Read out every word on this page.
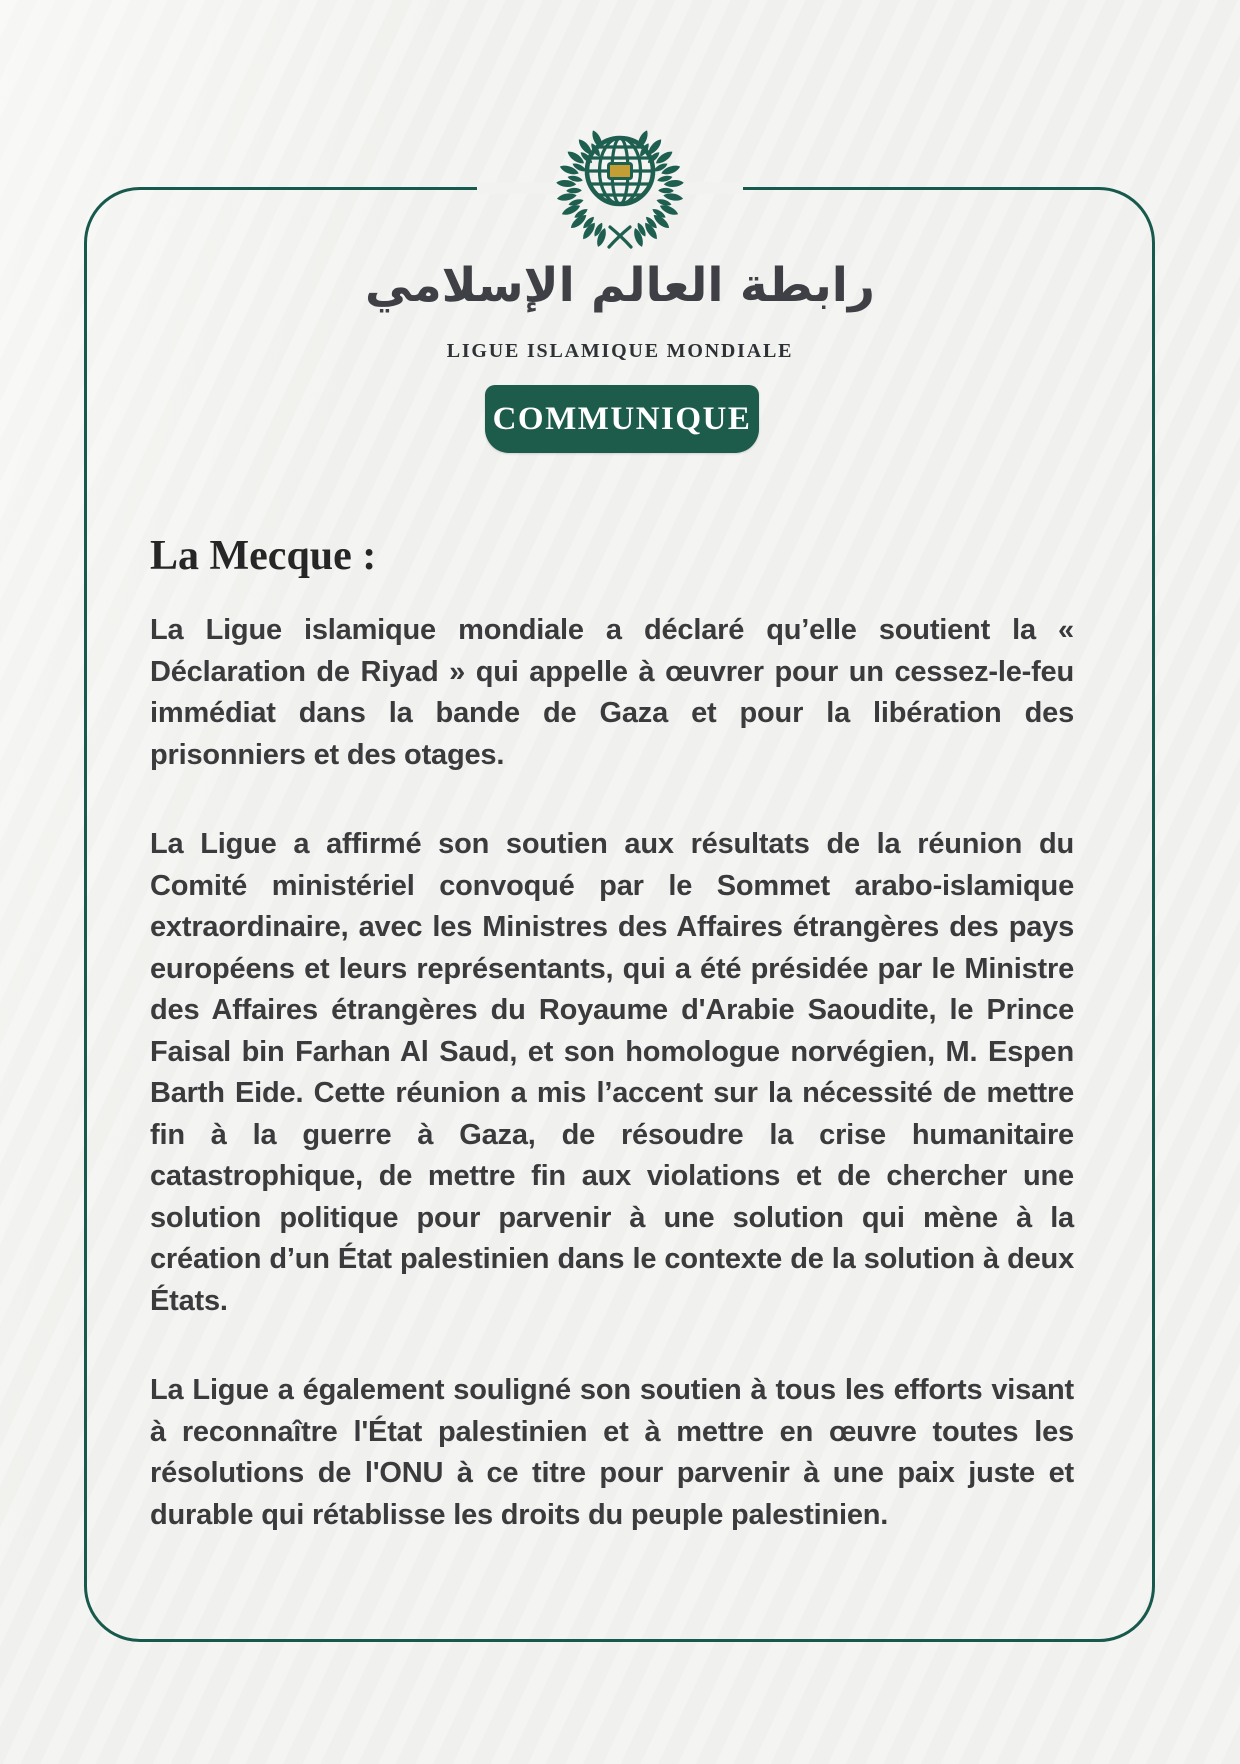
رابطة العالم الإسلامي
LIGUE ISLAMIQUE MONDIALE
COMMUNIQUE
La Mecque :

La Ligue islamique mondiale a déclaré qu’elle soutient la « Déclaration de Riyad » qui appelle à œuvrer pour un cessez-le-feu immédiat dans la bande de Gaza et pour la libération des prisonniers et des otages.

La Ligue a affirmé son soutien aux résultats de la réunion du Comité ministériel convoqué par le Sommet arabo-islamique extraordinaire, avec les Ministres des Affaires étrangères des pays européens et leurs représentants, qui a été présidée par le Ministre des Affaires étrangères du Royaume d'Arabie Saoudite, le Prince Faisal bin Farhan Al Saud, et son homologue norvégien, M. Espen Barth Eide. Cette réunion a mis l’accent sur la nécessité de mettre fin à la guerre à Gaza, de résoudre la crise humanitaire catastrophique, de mettre fin aux violations et de chercher une solution politique pour parvenir à une solution qui mène à la création d’un État palestinien dans le contexte de la solution à deux États.

La Ligue a également souligné son soutien à tous les efforts visant à reconnaître l'État palestinien et à mettre en œuvre toutes les résolutions de l'ONU à ce titre pour parvenir à une paix juste et durable qui rétablisse les droits du peuple palestinien.
